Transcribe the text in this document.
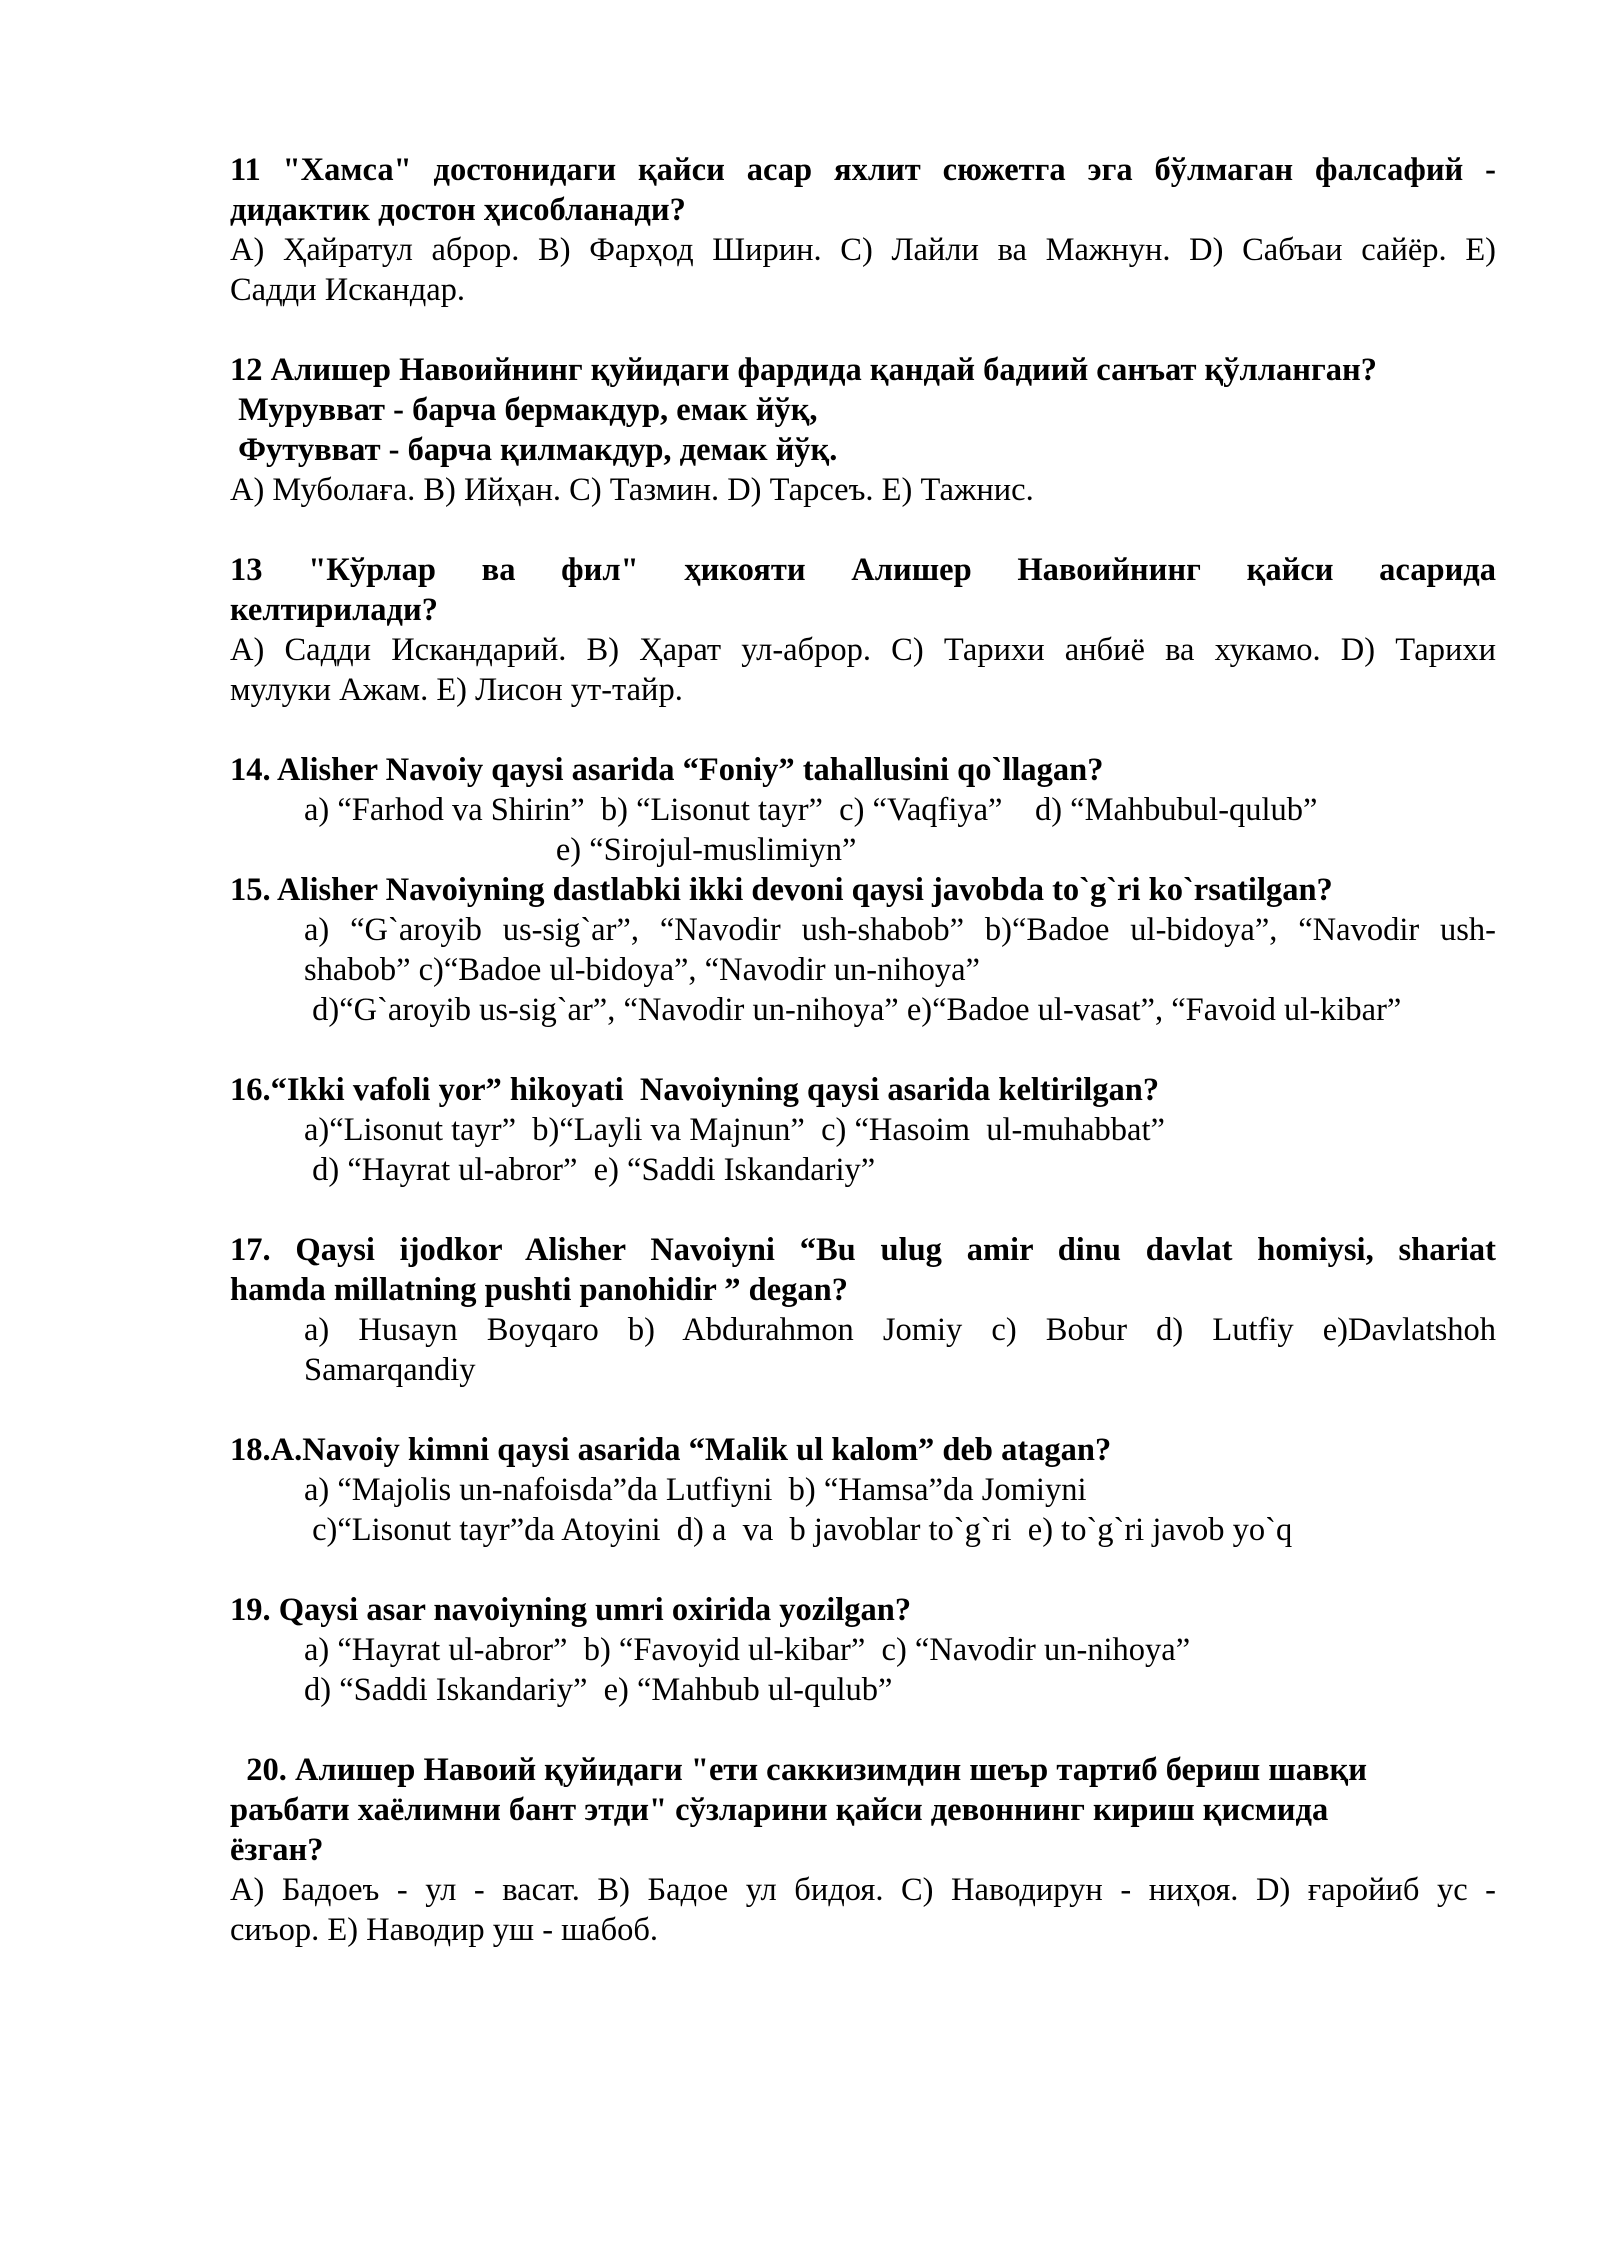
11 "Хамса" достонидаги қайси асар яхлит сюжетга эга бўлмаган фалсафий -
дидактик достон ҳисобланади?
A) Ҳайратул аброр. B) Фарҳод Ширин. C) Лайли ва Мажнун. D) Сабъаи сайёр. E)
Садди Искандар.
12 Алишер Навоийнинг қуйидаги фардида қандай бадиий санъат қўлланган?
Мурувват - барча бермакдур, емак йўқ,
Футувват - барча қилмакдур, демак йўқ.
A) Муболаға. B) Ийҳан. C) Тазмин. D) Тарсеъ. E) Тажнис.
13 "Кўрлар ва фил" ҳикояти Алишер Навоийнинг қайси асарида
келтирилади?
A) Садди Искандарий. B) Ҳарат ул-аброр. C) Тарихи анбиё ва хукамо. D) Тарихи
мулуки Ажам. E) Лисон ут-тайр.
14. Alisher Navoiy qaysi asarida “Foniy” tahallusini qo`llagan?
a) “Farhod va Shirin”  b) “Lisonut tayr”  c) “Vaqfiya”    d) “Mahbubul-qulub”
e) “Sirojul-muslimiyn”
15. Alisher Navoiyning dastlabki ikki devoni qaysi javobda to`g`ri ko`rsatilgan?
a) “G`aroyib us-sig`ar”, “Navodir ush-shabob” b)“Badoe ul-bidoya”, “Navodir ush-
shabob” c)“Badoe ul-bidoya”, “Navodir un-nihoya”
d)“G`aroyib us-sig`ar”, “Navodir un-nihoya” e)“Badoe ul-vasat”, “Favoid ul-kibar”
16.“Ikki vafoli yor” hikoyati  Navoiyning qaysi asarida keltirilgan?
a)“Lisonut tayr”  b)“Layli va Majnun”  c) “Hasoim  ul-muhabbat”
d) “Hayrat ul-abror”  e) “Saddi Iskandariy”
17. Qaysi ijodkor Alisher Navoiyni “Bu ulug amir dinu davlat homiysi, shariat
hamda millatning pushti panohidir ” degan?
a) Husayn Boyqaro b) Abdurahmon Jomiy c) Bobur d) Lutfiy e)Davlatshoh
Samarqandiy
18.A.Navoiy kimni qaysi asarida “Malik ul kalom” deb atagan?
a) “Majolis un-nafoisda”da Lutfiyni  b) “Hamsa”da Jomiyni
c)“Lisonut tayr”da Atoyini  d) a  va  b javoblar to`g`ri  e) to`g`ri javob yo`q
19. Qaysi asar navoiyning umri oxirida yozilgan?
a) “Hayrat ul-abror”  b) “Favoyid ul-kibar”  c) “Navodir un-nihoya”
d) “Saddi Iskandariy”  e) “Mahbub ul-qulub”
20. Алишер Навоий қуйидаги "ети саккизимдин шеър тартиб бериш шавқи
раъбати хаёлимни бант этди" сўзларини қайси девоннинг кириш қисмида
ёзган?
A) Бадоеъ - ул - васат. B) Бадое ул бидоя. C) Наводирун - ниҳоя. D) ғаройиб ус -
сиъор. E) Наводир уш - шабоб.
